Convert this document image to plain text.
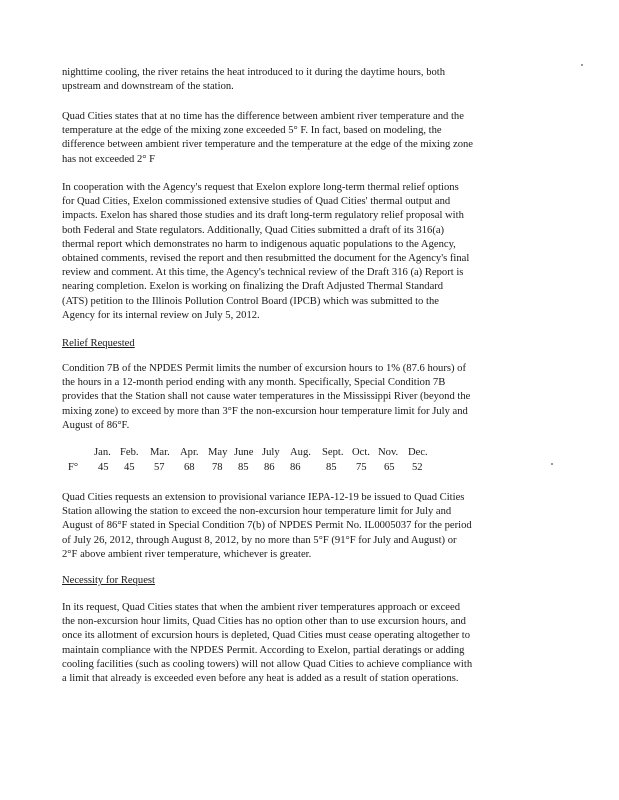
nighttime cooling, the river retains the heat introduced to it during the daytime hours, both
upstream and downstream of the station.

Quad Cities states that at no time has the difference between ambient river temperature and the
temperature at the edge of the mixing zone exceeded 5° F. In fact, based on modeling, the
difference between ambient river temperature and the temperature at the edge of the mixing zone
has not exceeded 2° F

In cooperation with the Agency's request that Exelon explore long-term thermal relief options
for Quad Cities, Exelon commissioned extensive studies of Quad Cities' thermal output and
impacts. Exelon has shared those studies and its draft long-term regulatory relief proposal with
both Federal and State regulators. Additionally, Quad Cities submitted a draft of its 316(a)
thermal report which demonstrates no harm to indigenous aquatic populations to the Agency,
obtained comments, revised the report and then resubmitted the document for the Agency's final
review and comment. At this time, the Agency's technical review of the Draft 316 (a) Report is
nearing completion. Exelon is working on finalizing the Draft Adjusted Thermal Standard
(ATS) petition to the Illinois Pollution Control Board (IPCB) which was submitted to the
Agency for its internal review on July 5, 2012.

Relief Requested

Condition 7B of the NPDES Permit limits the number of excursion hours to 1% (87.6 hours) of
the hours in a 12-month period ending with any month. Specifically, Special Condition 7B
provides that the Station shall not cause water temperatures in the Mississippi River (beyond the
mixing zone) to exceed by more than 3°F the non-excursion hour temperature limit for July and
August of 86°F.

Jan. Feb. Mar. Apr. May June July Aug. Sept. Oct. Nov. Dec.
F° 45 45 57 68 78 85 86 86 85 75 65 52

Quad Cities requests an extension to provisional variance IEPA-12-19 be issued to Quad Cities
Station allowing the station to exceed the non-excursion hour temperature limit for July and
August of 86°F stated in Special Condition 7(b) of NPDES Permit No. IL0005037 for the period
of July 26, 2012, through August 8, 2012, by no more than 5°F (91°F for July and August) or
2°F above ambient river temperature, whichever is greater.

Necessity for Request

In its request, Quad Cities states that when the ambient river temperatures approach or exceed
the non-excursion hour limits, Quad Cities has no option other than to use excursion hours, and
once its allotment of excursion hours is depleted, Quad Cities must cease operating altogether to
maintain compliance with the NPDES Permit. According to Exelon, partial deratings or adding
cooling facilities (such as cooling towers) will not allow Quad Cities to achieve compliance with
a limit that already is exceeded even before any heat is added as a result of station operations.
